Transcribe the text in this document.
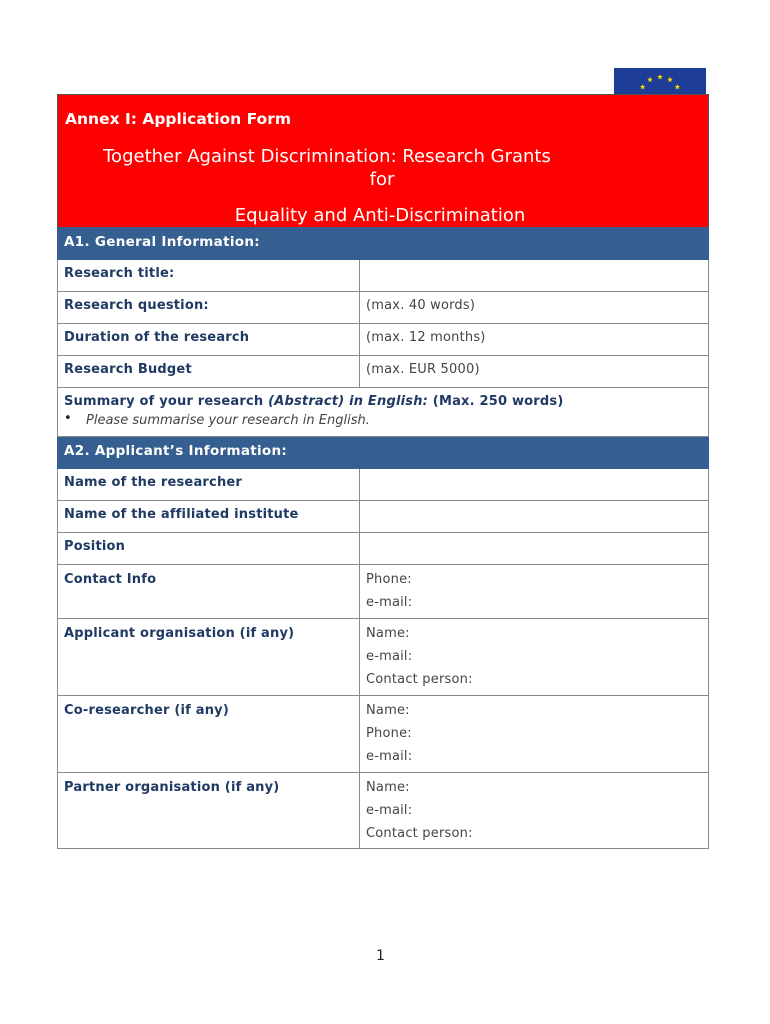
Annex I: Application Form
Together Against Discrimination: Research Grants
for
Equality and Anti-Discrimination
A1. General Information:	
Research title:	
Research question:	(max. 40 words)
Duration of the research	(max. 12 months)
Research Budget	(max. EUR 5000)

Summary of your research (Abstract) in English: (Max. 250 words)
• Please summarise your research in English.	

A2. Applicant’s Information:	
Name of the researcher	
Name of the affiliated institute	
Position	
Contact Info	Phone:
e-mail:

Applicant organisation (if any)	Name:
e-mail:
Contact person:

Co-researcher (if any)	Name:
Phone:
e-mail:

Partner organisation (if any)	Name:
e-mail:
Contact person:
1
